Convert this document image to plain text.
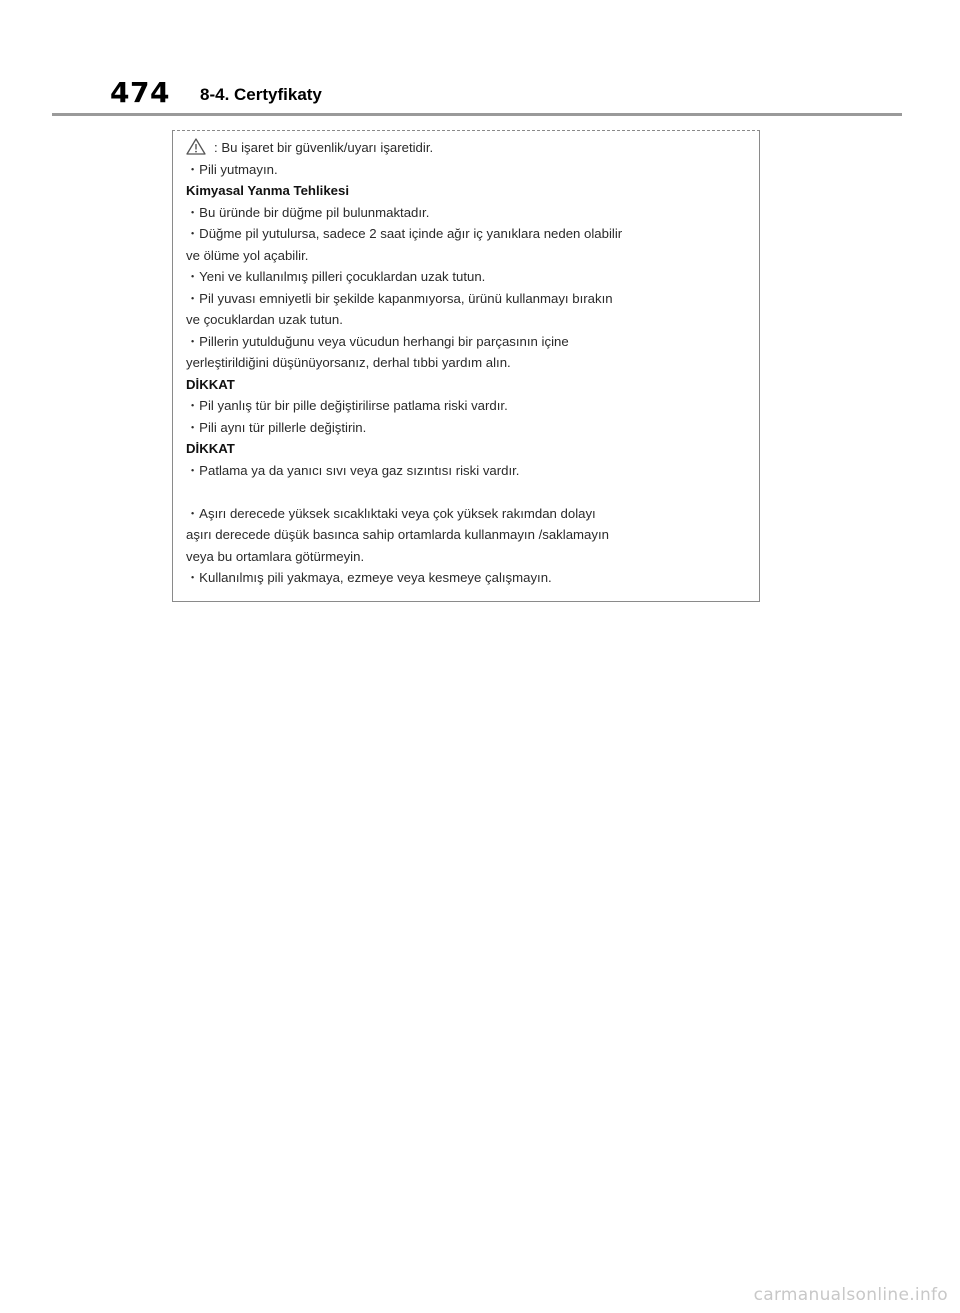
474 8-4. Certyfikaty
: Bu işaret bir güvenlik/uyarı işaretidir.
・Pili yutmayın.
Kimyasal Yanma Tehlikesi
・Bu üründe bir düğme pil bulunmaktadır.
・Düğme pil yutulursa, sadece 2 saat içinde ağır iç yanıklara neden olabilir
ve ölüme yol açabilir.
・Yeni ve kullanılmış pilleri çocuklardan uzak tutun.
・Pil yuvası emniyetli bir şekilde kapanmıyorsa, ürünü kullanmayı bırakın
ve çocuklardan uzak tutun.
・Pillerin yutulduğunu veya vücudun herhangi bir parçasının içine
yerleştirildiğini düşünüyorsanız, derhal tıbbi yardım alın.
DİKKAT
・Pil yanlış tür bir pille değiştirilirse patlama riski vardır.
・Pili aynı tür pillerle değiştirin.
DİKKAT
・Patlama ya da yanıcı sıvı veya gaz sızıntısı riski vardır.
・Aşırı derecede yüksek sıcaklıktaki veya çok yüksek rakımdan dolayı
aşırı derecede düşük basınca sahip ortamlarda kullanmayın /saklamayın
veya bu ortamlara götürmeyin.
・Kullanılmış pili yakmaya, ezmeye veya kesmeye çalışmayın.
carmanualsonline.info
